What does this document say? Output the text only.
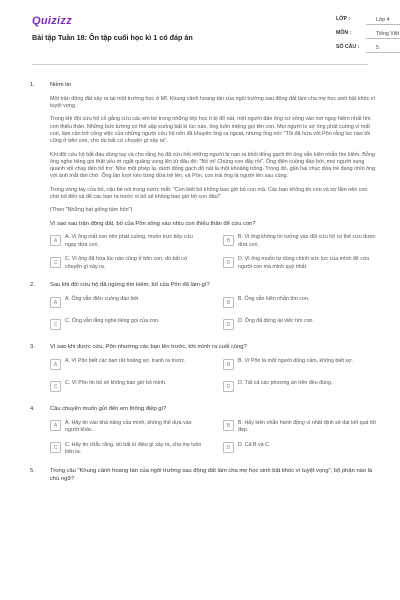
Quizizz
Bài tập Tuần 18: Ôn tập cuối học kì 1 có đáp án
LỚP :	Lớp 4
MÔN :	Tiếng Việt
SỐ CÂU :	5
1.	Niềm tin

Một trận động đất xảy ra tại một trường học ở Mĩ. Khung cảnh hoang tàn của ngôi trường sau động đất làm cha mẹ học sinh bật khóc vì tuyệt vọng.

Trong khi đội cứu hộ cố gắng cứu các em bé trong những lớp học ít bị đổ nát, một người đàn ông cứ xông vào nơi nguy hiểm nhất tìm con thiểu thân. Những bức tường có thể sập xuống bất kì lúc nào, ông luôn miệng gọi tên con. Mọi người lo sợ ông phát cuồng vì mất con, làm cản trở công việc của những người cứu hộ nên đã khuyên ông ra ngoài, nhưng ông nói: "Tôi đã hứa với Pôn rằng lúc nào tôi cũng ở bên con, cho dù bất cứ chuyện gì xảy ra".

Khi đội cứu hộ bắt đầu dùng tay và cho rằng họ đã cứu hết những người bị nạn ra khỏi đống gạch thì ông vẫn kiên nhẫn tìm kiếm. Bỗng ông nghe tiếng gọi thật yếu ớt ngắt quãng vọng lên từ đâu đó: "Bố ơi! Chúng con đây rồi". Ông điên cuồng đào bới, mọi người xung quanh vội chạy đến hỗ trợ. Như một phép lạ, dưới đống gạch đổ nát là một khoảng trống. Trong đó, gần hai chục đứa trẻ đang nhìn ông với ánh mắt đợi chờ. Ông lần lượt kéo từng đứa trẻ lên, và Pôn, con trai ông là người lên sau cùng.

Trong vòng tay của bố, cậu bé nói trong nước mắt: "Con biết bố không bao giờ bỏ con mà. Các bạn không tin con và sợ lắm nên con chờ bố đến và để các bạn ra trước vì bố sẽ không bao giờ bỏ con đâu!"

(Theo "Những hạt giống tâm hồn")

Vì sao sau trận động đất, bố của Pôn xông vào nhìu con thiểu thân để cứu con?
A
A. Vì ông mất con nên phát cuồng, muốn trực tiếp cứu ngay đứa con.
B
B. Vì ông không tin tưởng vào đội cứu hộ có thể cứu được đứa con.
C
C. Vì ông đã hứa lúc nào cũng ở bên con, dù bất cứ chuyện gì xảy ra.
D
D. Vì ông muốn tự dùng chính sức lực của mình để cứu người con mà mình quý nhất.
2.	Sau khi đội cứu hộ đã ngừng tìm kiếm, bố của Pôn đã làm gì?
A
A. Ông vẫn điên cuồng đào bới.
B
B. Ông vẫn kiên nhẫn tìm con.
C
C. Ông vẫn lắng nghe tiếng gọi của con.
D
D. Ông đã đứng lại việc tìm con.
3.	Vì sao khi được cứu, Pôn nhường các bạn lên trước, khi mình ra cuối cùng?
A
A. Vì Pôn biết các bạn rất hoảng sợ, tranh ra trước.
B
B. Vì Pôn là một người dũng cảm, không biết sợ.
C
C. Vì Pôn tin bố sẽ không bao giờ bỏ mình.
D
D. Tất cả các phương án trên đều đúng.
4.	Câu chuyện muốn gửi đến em thông điệp gì?
A
A. Hãy tin vào khả năng của mình, không thể dựa vào người khác.
B
B. Hãy kiên nhẫn hành động vì nhất định sẽ đạt kết quả tốt đẹp.
C
C. Hãy tin chắc rằng, dù bất kì điều gì xảy ra, cha mẹ luôn bên ta.
D
D. Cả B và C.
5.	Trong câu "Khung cảnh hoang tàn của ngôi trường sau động đất làm cha mẹ học sinh bật khóc vì tuyệt vọng", bộ phận nào là chủ ngữ?
